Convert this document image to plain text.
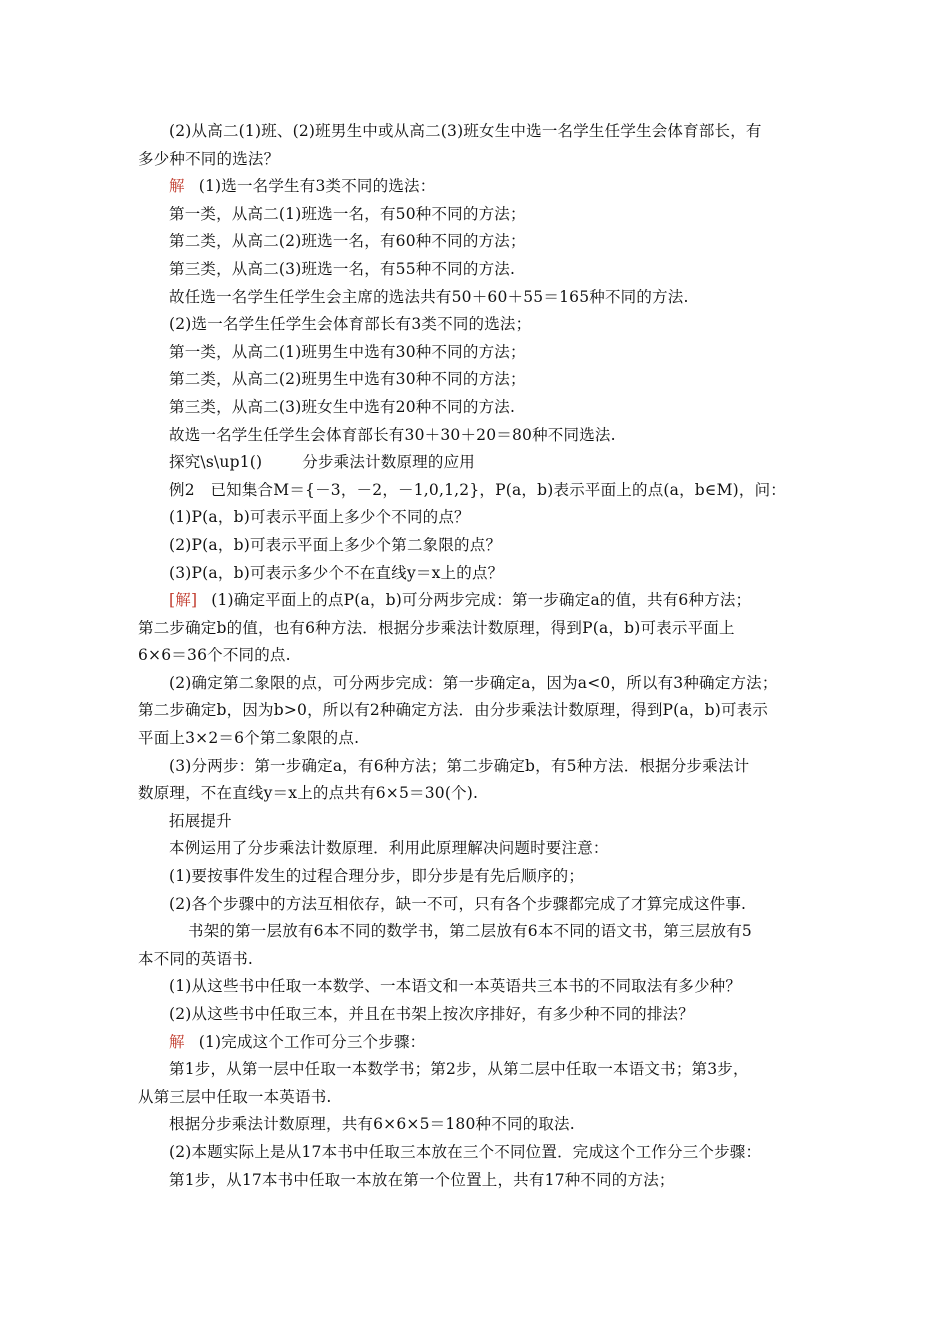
(2)从高二(1)班、(2)班男生中或从高二(3)班女生中选一名学生任学生会体育部长，有
多少种不同的选法？
解 (1)选一名学生有3类不同的选法：
第一类，从高二(1)班选一名，有50种不同的方法；
第二类，从高二(2)班选一名，有60种不同的方法；
第三类，从高二(3)班选一名，有55种不同的方法.
故任选一名学生任学生会主席的选法共有50＋60＋55＝165种不同的方法.
(2)选一名学生任学生会体育部长有3类不同的选法；
第一类，从高二(1)班男生中选有30种不同的方法；
第二类，从高二(2)班男生中选有30种不同的方法；
第三类，从高二(3)班女生中选有20种不同的方法.
故选一名学生任学生会体育部长有30＋30＋20＝80种不同选法.
探究\s\up1()	分步乘法计数原理的应用
例2　已知集合M＝{－3，－2，－1,0,1,2}，P(a，b)表示平面上的点(a，b∈M)，问：
(1)P(a，b)可表示平面上多少个不同的点？
(2)P(a，b)可表示平面上多少个第二象限的点？
(3)P(a，b)可表示多少个不在直线y＝x上的点？
[解] (1)确定平面上的点P(a，b)可分两步完成：第一步确定a的值，共有6种方法；
第二步确定b的值，也有6种方法．根据分步乘法计数原理，得到P(a，b)可表示平面上
6×6＝36个不同的点.
(2)确定第二象限的点，可分两步完成：第一步确定a，因为a<0，所以有3种确定方法；
第二步确定b，因为b>0，所以有2种确定方法．由分步乘法计数原理，得到P(a，b)可表示
平面上3×2＝6个第二象限的点.
(3)分两步：第一步确定a，有6种方法；第二步确定b，有5种方法．根据分步乘法计
数原理，不在直线y＝x上的点共有6×5＝30(个).
拓展提升
本例运用了分步乘法计数原理．利用此原理解决问题时要注意：
(1)要按事件发生的过程合理分步，即分步是有先后顺序的；
(2)各个步骤中的方法互相依存，缺一不可，只有各个步骤都完成了才算完成这件事.
书架的第一层放有6本不同的数学书，第二层放有6本不同的语文书，第三层放有5
本不同的英语书.
(1)从这些书中任取一本数学、一本语文和一本英语共三本书的不同取法有多少种？
(2)从这些书中任取三本，并且在书架上按次序排好，有多少种不同的排法？
解 (1)完成这个工作可分三个步骤：
第1步，从第一层中任取一本数学书；第2步，从第二层中任取一本语文书；第3步，
从第三层中任取一本英语书.
根据分步乘法计数原理，共有6×6×5＝180种不同的取法.
(2)本题实际上是从17本书中任取三本放在三个不同位置．完成这个工作分三个步骤：
第1步，从17本书中任取一本放在第一个位置上，共有17种不同的方法；
